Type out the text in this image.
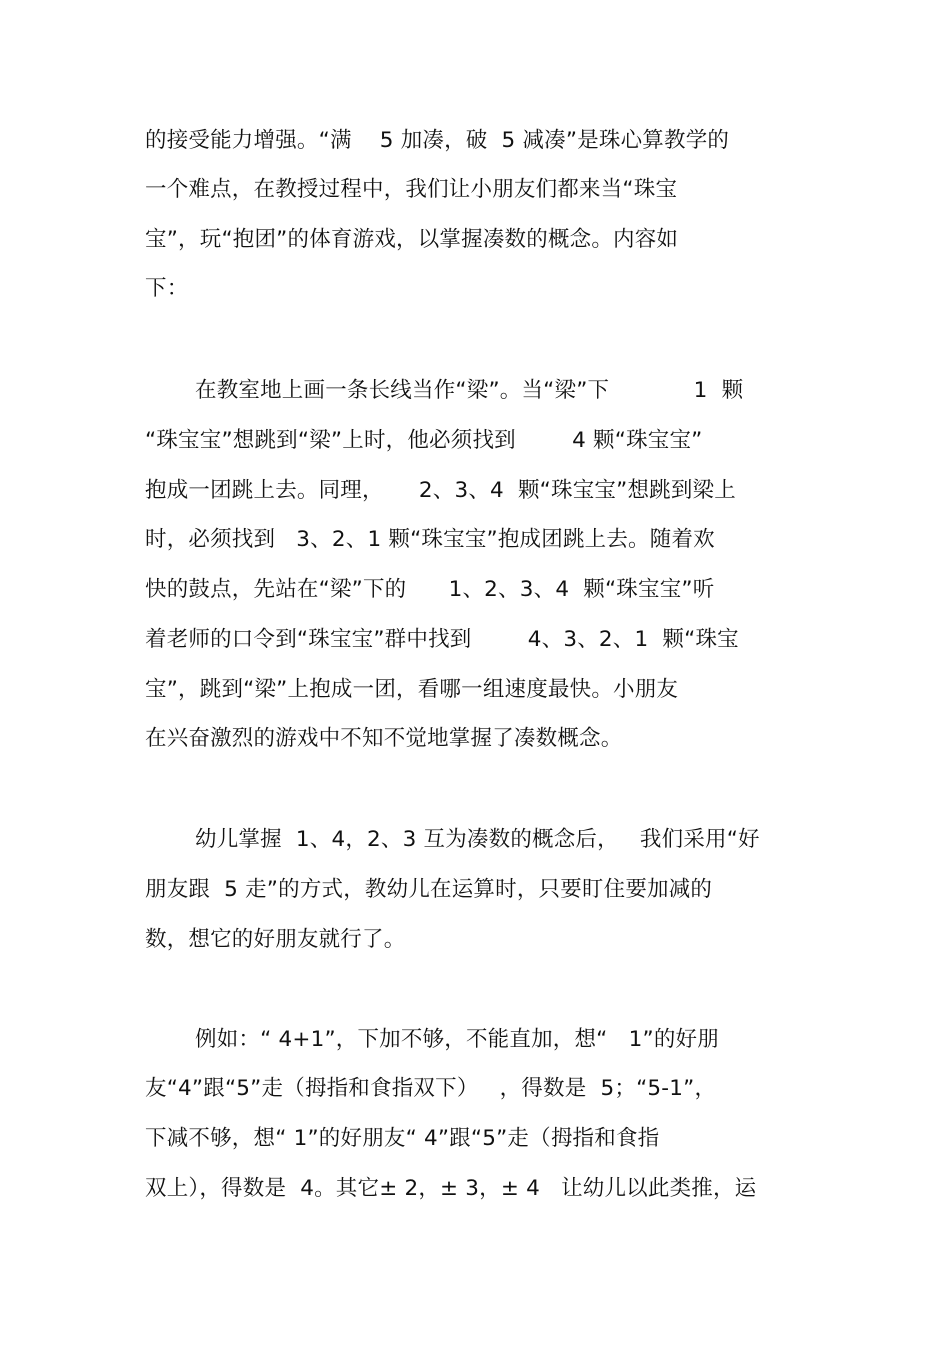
的接受能力增强。“满    5 加凑，破  5 减凑”是珠心算教学的
一个难点，在教授过程中，我们让小朋友们都来当“珠宝
宝”，玩“抱团”的体育游戏，以掌握凑数的概念。内容如
下：
在教室地上画一条长线当作“梁”。当“梁”下            1  颗
“珠宝宝”想跳到“梁”上时，他必须找到        4 颗“珠宝宝”
抱成一团跳上去。同理，     2、3、4  颗“珠宝宝”想跳到梁上
时，必须找到   3、2、1 颗“珠宝宝”抱成团跳上去。随着欢
快的鼓点，先站在“梁”下的      1、2、3、4  颗“珠宝宝”听
着老师的口令到“珠宝宝”群中找到        4、3、2、1  颗“珠宝
宝”，跳到“梁”上抱成一团，看哪一组速度最快。小朋友
在兴奋激烈的游戏中不知不觉地掌握了凑数概念。
幼儿掌握  1、4，2、3 互为凑数的概念后，   我们采用“好
朋友跟  5 走”的方式，教幼儿在运算时，只要盯住要加减的
数，想它的好朋友就行了。
例如：“ 4+1”，下加不够，不能直加，想“   1”的好朋
友“4”跟“5”走（拇指和食指双下）   ，得数是  5；“5-1”，
下减不够，想“ 1”的好朋友“ 4”跟“5”走（拇指和食指
双上），得数是  4。其它± 2，± 3，± 4   让幼儿以此类推，运
